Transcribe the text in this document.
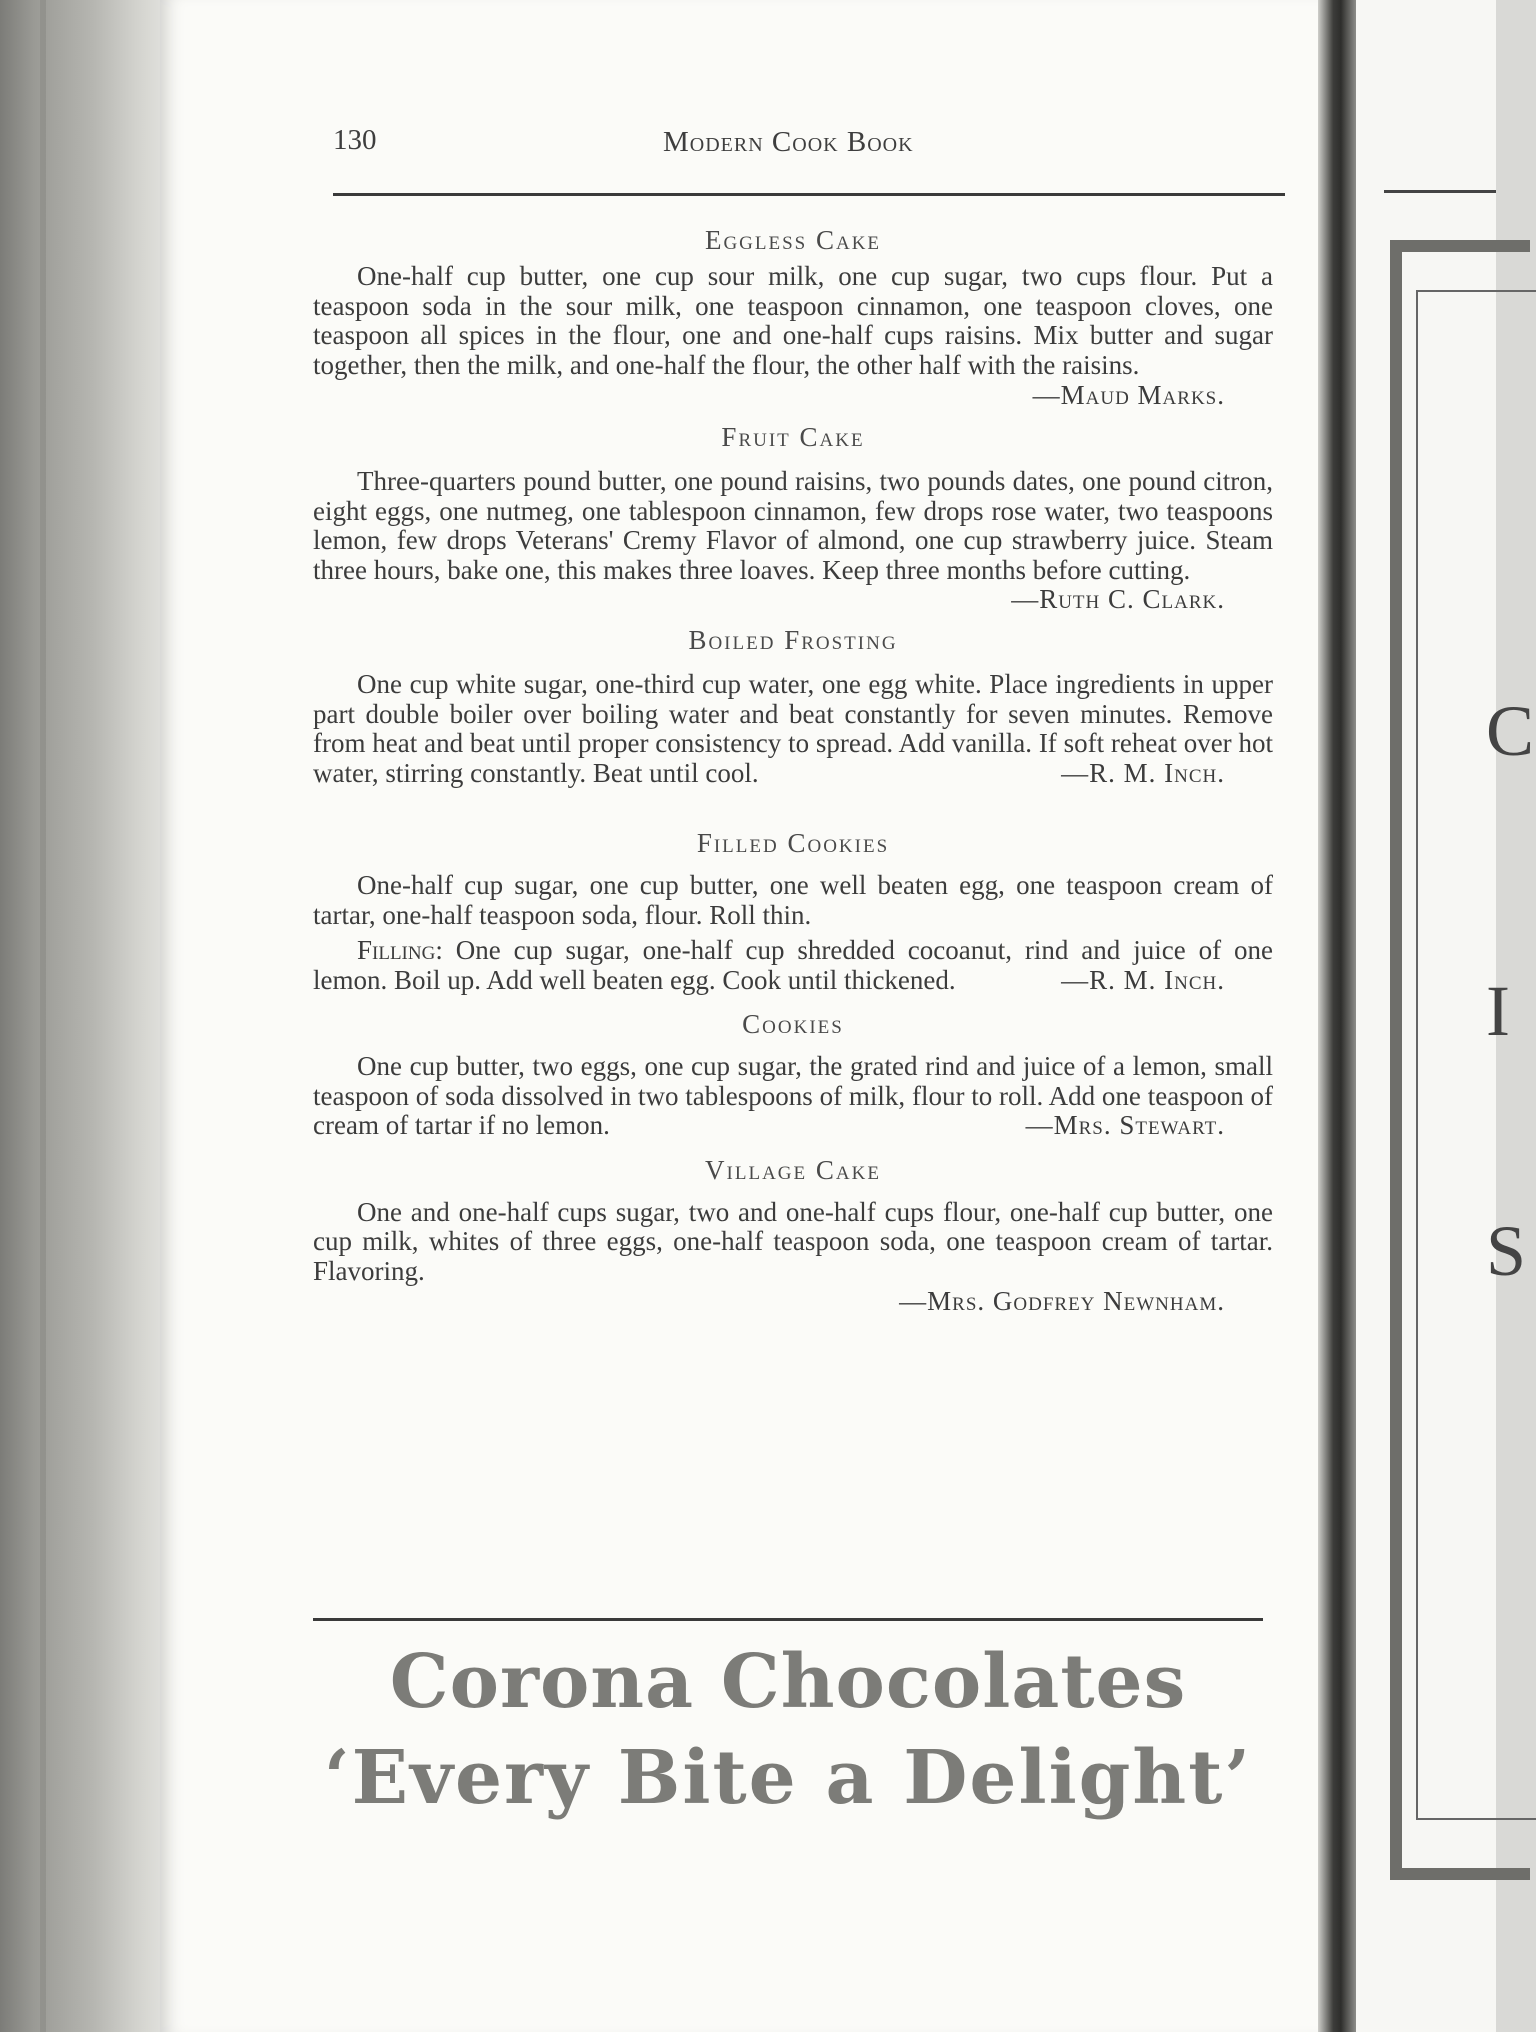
130	Modern Cook Book

Eggless Cake

One-half cup butter, one cup sour milk, one cup sugar, two cups flour. Put a teaspoon soda in the sour milk, one teaspoon cinnamon, one teaspoon cloves, one teaspoon all spices in the flour, one and one-half cups raisins. Mix butter and sugar together, then the milk, and one-half the flour, the other half with the raisins.

—Maud Marks.

Fruit Cake

Three-quarters pound butter, one pound raisins, two pounds dates, one pound citron, eight eggs, one nutmeg, one tablespoon cinnamon, few drops rose water, two teaspoons lemon, few drops Veterans' Cremy Flavor of almond, one cup strawberry juice. Steam three hours, bake one, this makes three loaves. Keep three months before cutting.
—Ruth C. Clark.

Boiled Frosting

One cup white sugar, one-third cup water, one egg white. Place ingredients in upper part double boiler over boiling water and beat constantly for seven minutes. Remove from heat and beat until proper consistency to spread. Add vanilla. If soft reheat over hot water, stirring constantly. Beat until cool.	—R. M. Inch.

Filled Cookies

One-half cup sugar, one cup butter, one well beaten egg, one teaspoon cream of tartar, one-half teaspoon soda, flour. Roll thin.

Filling: One cup sugar, one-half cup shredded cocoanut, rind and juice of one lemon. Boil up. Add well beaten egg. Cook until thickened.	—R. M. Inch.

Cookies

One cup butter, two eggs, one cup sugar, the grated rind and juice of a lemon, small teaspoon of soda dissolved in two tablespoons of milk, flour to roll. Add one teaspoon of cream of tartar if no lemon.	—Mrs. Stewart.

Village Cake

One and one-half cups sugar, two and one-half cups flour, one-half cup butter, one cup milk, whites of three eggs, one-half teaspoon soda, one teaspoon cream of tartar. Flavoring.

—Mrs. Godfrey Newnham.

Corona Chocolates
‘Every Bite a Delight’
C
I
S
